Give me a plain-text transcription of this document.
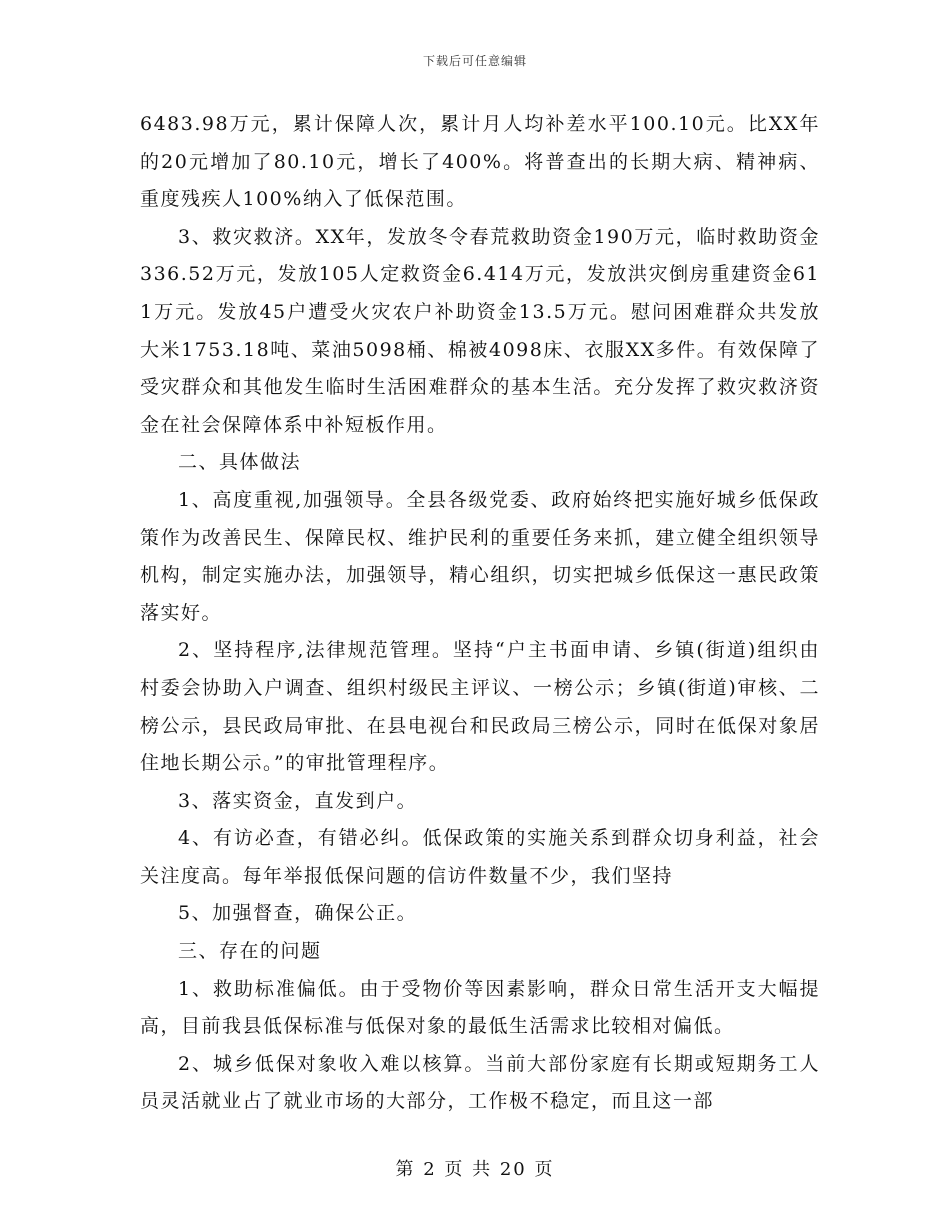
下载后可任意编辑

6483.98万元，累计保障人次，累计月人均补差水平100.10元。比XX年的20元增加了80.10元，增长了400%。将普查出的长期大病、精神病、重度残疾人100%纳入了低保范围。

3、救灾救济。XX年，发放冬令春荒救助资金190万元，临时救助资金336.52万元，发放105人定救资金6.414万元，发放洪灾倒房重建资金611万元。发放45户遭受火灾农户补助资金13.5万元。慰问困难群众共发放大米1753.18吨、菜油5098桶、棉被4098床、衣服XX多件。有效保障了受灾群众和其他发生临时生活困难群众的基本生活。充分发挥了救灾救济资金在社会保障体系中补短板作用。

二、具体做法

1、高度重视,加强领导。全县各级党委、政府始终把实施好城乡低保政策作为改善民生、保障民权、维护民利的重要任务来抓，建立健全组织领导机构，制定实施办法，加强领导，精心组织，切实把城乡低保这一惠民政策落实好。

2、坚持程序,法律规范管理。坚持“户主书面申请、乡镇(街道)组织由村委会协助入户调查、组织村级民主评议、一榜公示；乡镇(街道)审核、二榜公示，县民政局审批、在县电视台和民政局三榜公示，同时在低保对象居住地长期公示。”的审批管理程序。

3、落实资金，直发到户。

4、有访必查，有错必纠。低保政策的实施关系到群众切身利益，社会关注度高。每年举报低保问题的信访件数量不少，我们坚持

5、加强督查，确保公正。

三、存在的问题

1、救助标准偏低。由于受物价等因素影响，群众日常生活开支大幅提高，目前我县低保标准与低保对象的最低生活需求比较相对偏低。

2、城乡低保对象收入难以核算。当前大部份家庭有长期或短期务工人员灵活就业占了就业市场的大部分，工作极不稳定，而且这一部

第 2 页 共 20 页
